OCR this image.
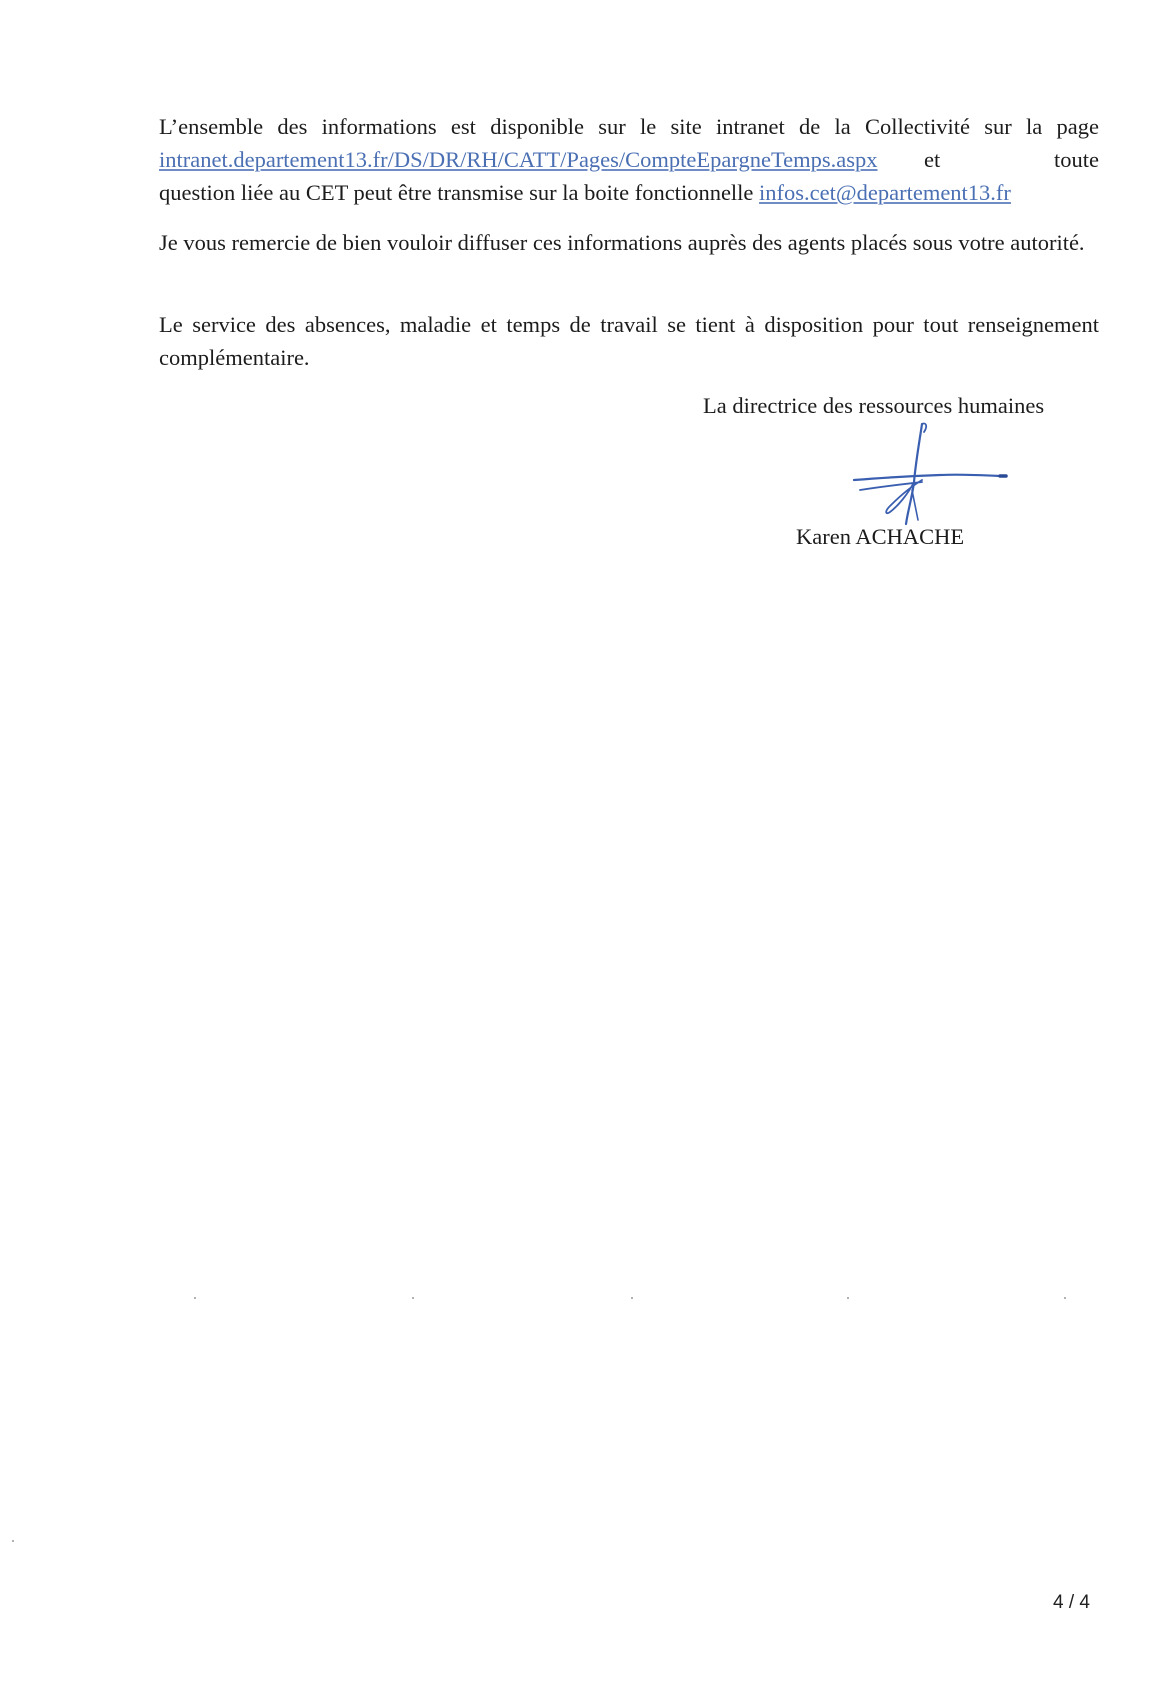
L’ensemble des informations est disponible sur le site intranet de la Collectivité sur la page

intranet.departement13.fr/DS/DR/RH/CATT/Pages/CompteEpargneTemps.aspx et	toute
question liée au CET peut être transmise sur la boite fonctionnelle infos.cet@departement13.fr

Je vous remercie de bien vouloir diffuser ces informations auprès des agents placés sous votre autorité.

Le service des absences, maladie et temps de travail se tient à disposition pour tout renseignement complémentaire.

La directrice des ressources humaines
Karen ACHACHE
4 / 4
